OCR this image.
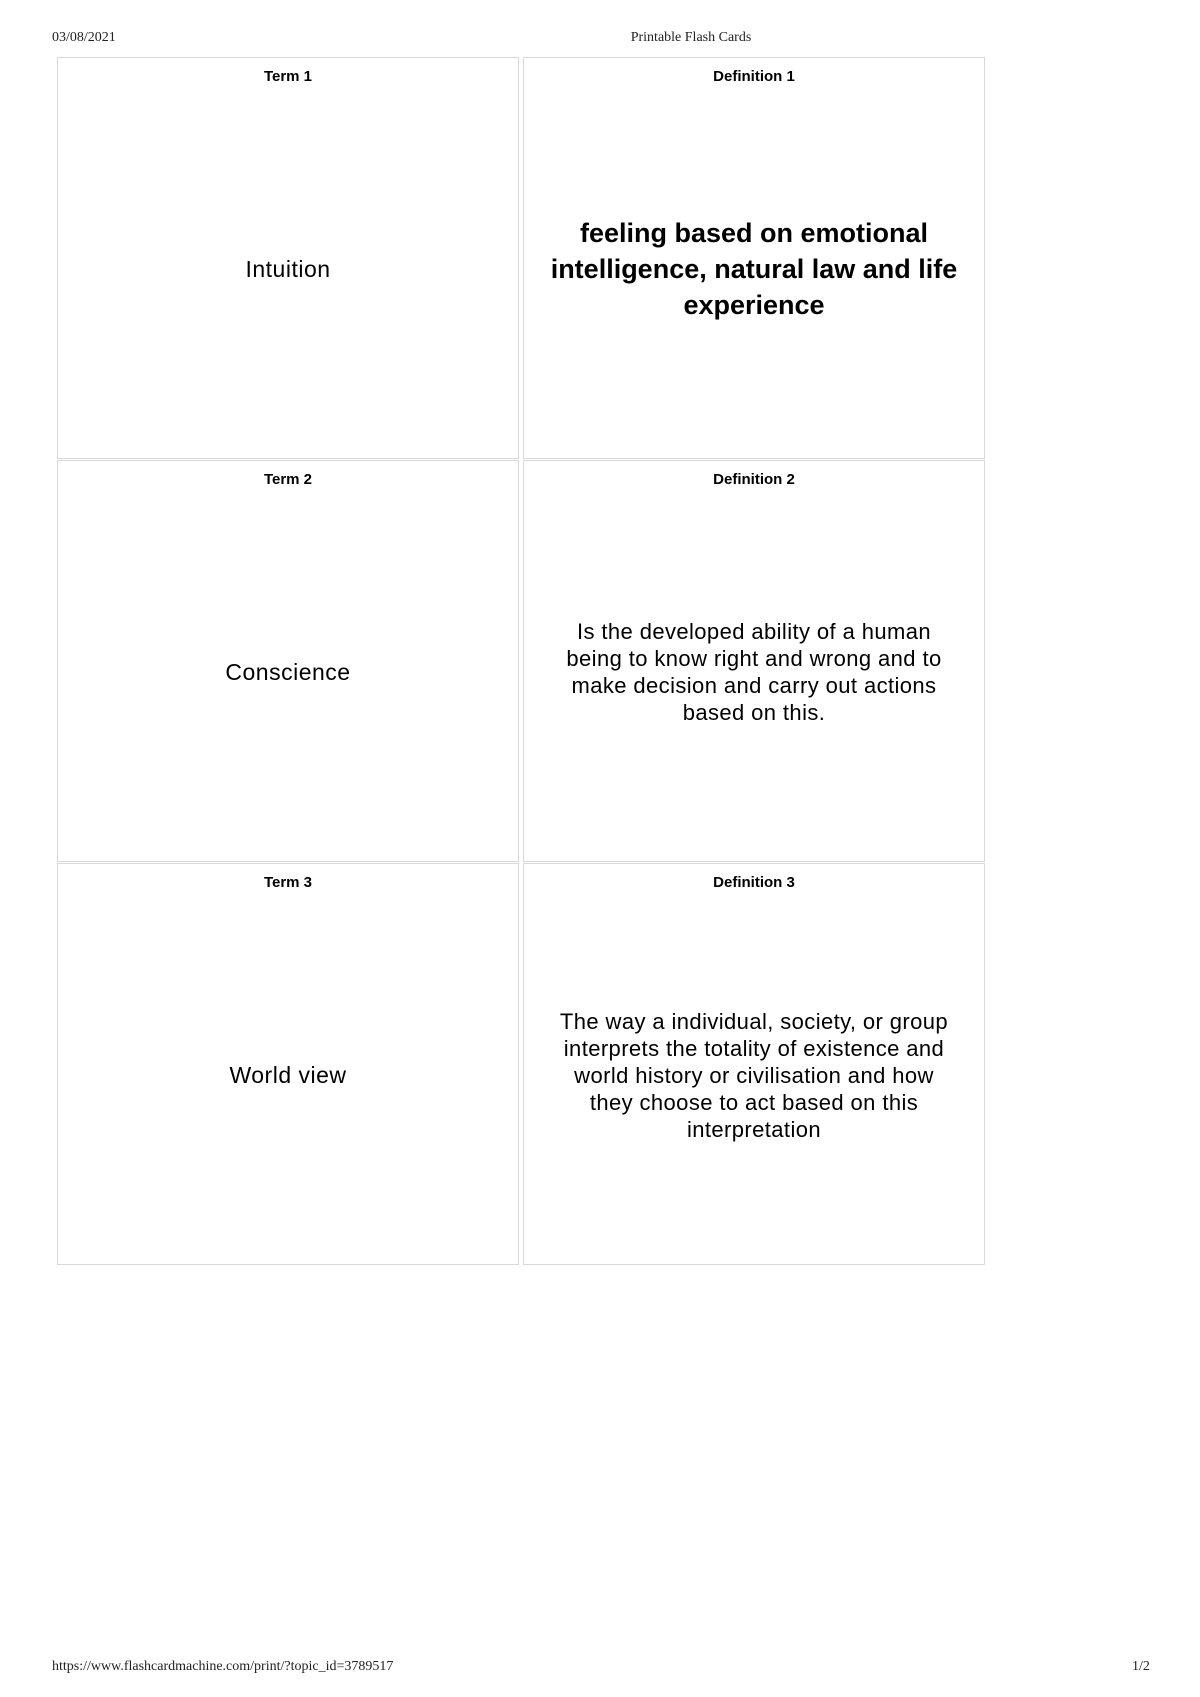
03/08/2021	Printable Flash Cards
Term 1
Intuition
Definition 1
feeling based on emotional
intelligence, natural law and life
experience
Term 2
Conscience
Definition 2
Is the developed ability of a human
being to know right and wrong and to
make decision and carry out actions
based on this.
Term 3
World view
Definition 3
The way a individual, society, or group
interprets the totality of existence and
world history or civilisation and how
they choose to act based on this
interpretation
https://www.flashcardmachine.com/print/?topic_id=3789517	1/2
